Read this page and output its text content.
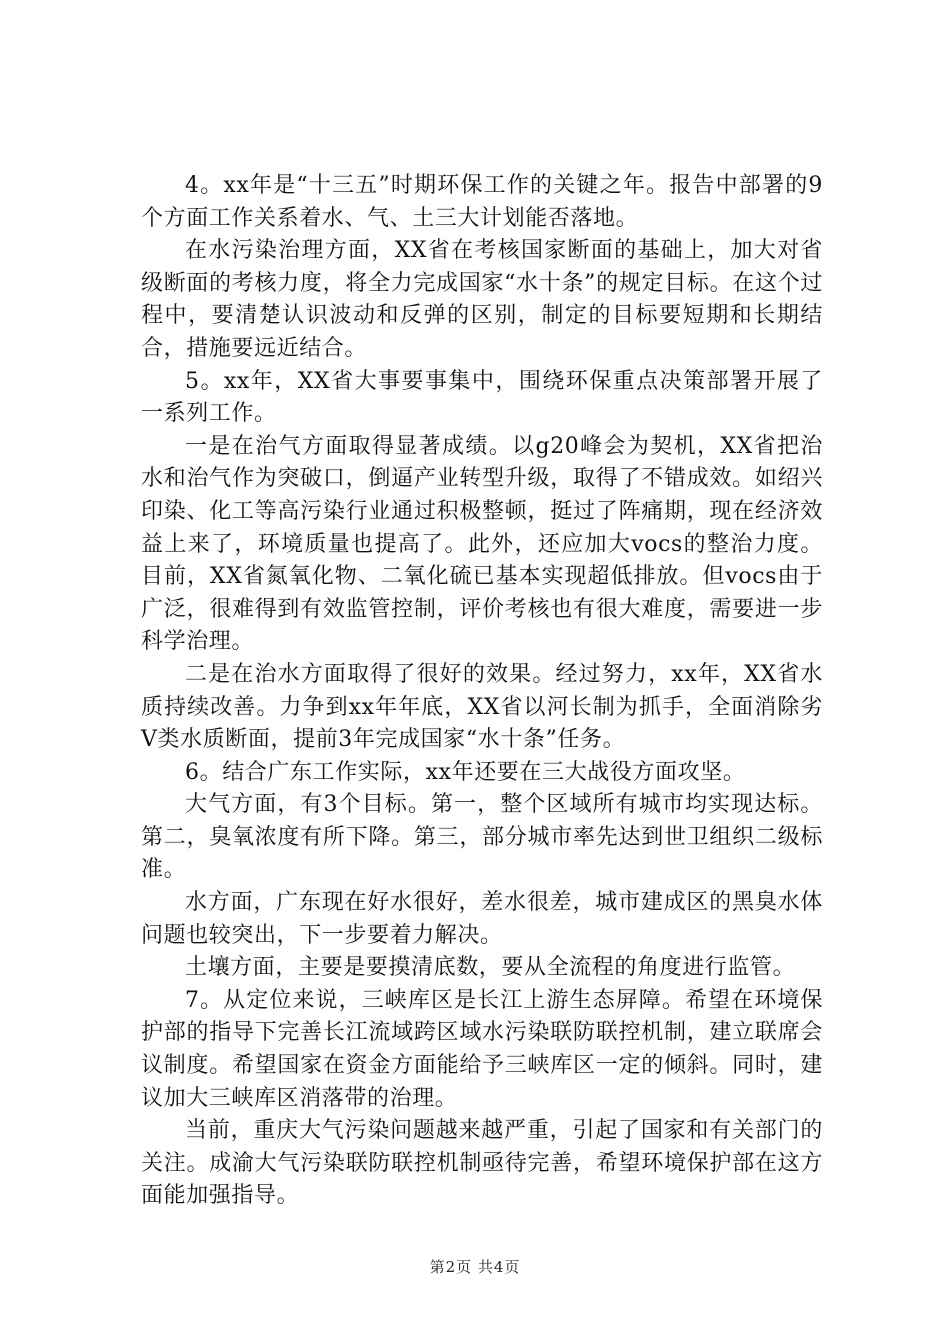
4。xx年是“十三五”时期环保工作的关键之年。报告中部署的9个方面工作关系着水、气、土三大计划能否落地。

在水污染治理方面，XX省在考核国家断面的基础上，加大对省级断面的考核力度，将全力完成国家“水十条”的规定目标。在这个过程中，要清楚认识波动和反弹的区别，制定的目标要短期和长期结合，措施要远近结合。

5。xx年，XX省大事要事集中，围绕环保重点决策部署开展了一系列工作。

一是在治气方面取得显著成绩。以g20峰会为契机，XX省把治水和治气作为突破口，倒逼产业转型升级，取得了不错成效。如绍兴印染、化工等高污染行业通过积极整顿，挺过了阵痛期，现在经济效益上来了，环境质量也提高了。此外，还应加大vocs的整治力度。目前，XX省氮氧化物、二氧化硫已基本实现超低排放。但vocs由于广泛，很难得到有效监管控制，评价考核也有很大难度，需要进一步科学治理。

二是在治水方面取得了很好的效果。经过努力，xx年，XX省水质持续改善。力争到xx年年底，XX省以河长制为抓手，全面消除劣Ⅴ类水质断面，提前3年完成国家“水十条”任务。

6。结合广东工作实际，xx年还要在三大战役方面攻坚。

大气方面，有3个目标。第一，整个区域所有城市均实现达标。第二，臭氧浓度有所下降。第三，部分城市率先达到世卫组织二级标准。

水方面，广东现在好水很好，差水很差，城市建成区的黑臭水体问题也较突出，下一步要着力解决。

土壤方面，主要是要摸清底数，要从全流程的角度进行监管。

7。从定位来说，三峡库区是长江上游生态屏障。希望在环境保护部的指导下完善长江流域跨区域水污染联防联控机制，建立联席会议制度。希望国家在资金方面能给予三峡库区一定的倾斜。同时，建议加大三峡库区消落带的治理。

当前，重庆大气污染问题越来越严重，引起了国家和有关部门的关注。成渝大气污染联防联控机制亟待完善，希望环境保护部在这方面能加强指导。

第2页 共4页
